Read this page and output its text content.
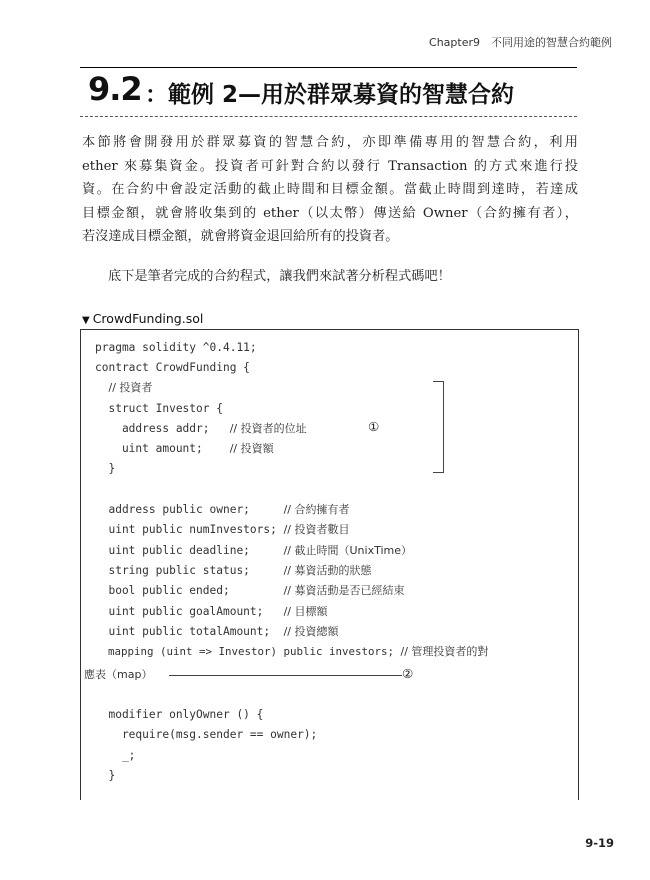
Chapter9　不同用途的智慧合約範例
9.2 ：範例 2—用於群眾募資的智慧合約
本節將會開發用於群眾募資的智慧合約，亦即準備專用的智慧合約，利用
ether 來募集資金。投資者可針對合約以發行 Transaction 的方式來進行投
資。在合約中會設定活動的截止時間和目標金額。當截止時間到達時，若達成
目標金額，就會將收集到的 ether（以太幣）傳送給 Owner（合約擁有者），
若沒達成目標金額，就會將資金退回給所有的投資者。
底下是筆者完成的合約程式，讓我們來試著分析程式碼吧！
▼ CrowdFunding.sol
pragma solidity ^0.4.11;
contract CrowdFunding {
// 投資者
struct Investor {
address addr;   // 投資者的位址
uint amount;    // 投資額
}
address public owner;     // 合約擁有者
uint public numInvestors; // 投資者數目
uint public deadline;     // 截止時間（UnixTime）
string public status;     // 募資活動的狀態
bool public ended;        // 募資活動是否已經結束
uint public goalAmount;   // 目標額
uint public totalAmount;  // 投資總額
mapping (uint => Investor) public investors; // 管理投資者的對
應表（map）
modifier onlyOwner () {
require(msg.sender == owner);
_;
}
①
②
9-19
